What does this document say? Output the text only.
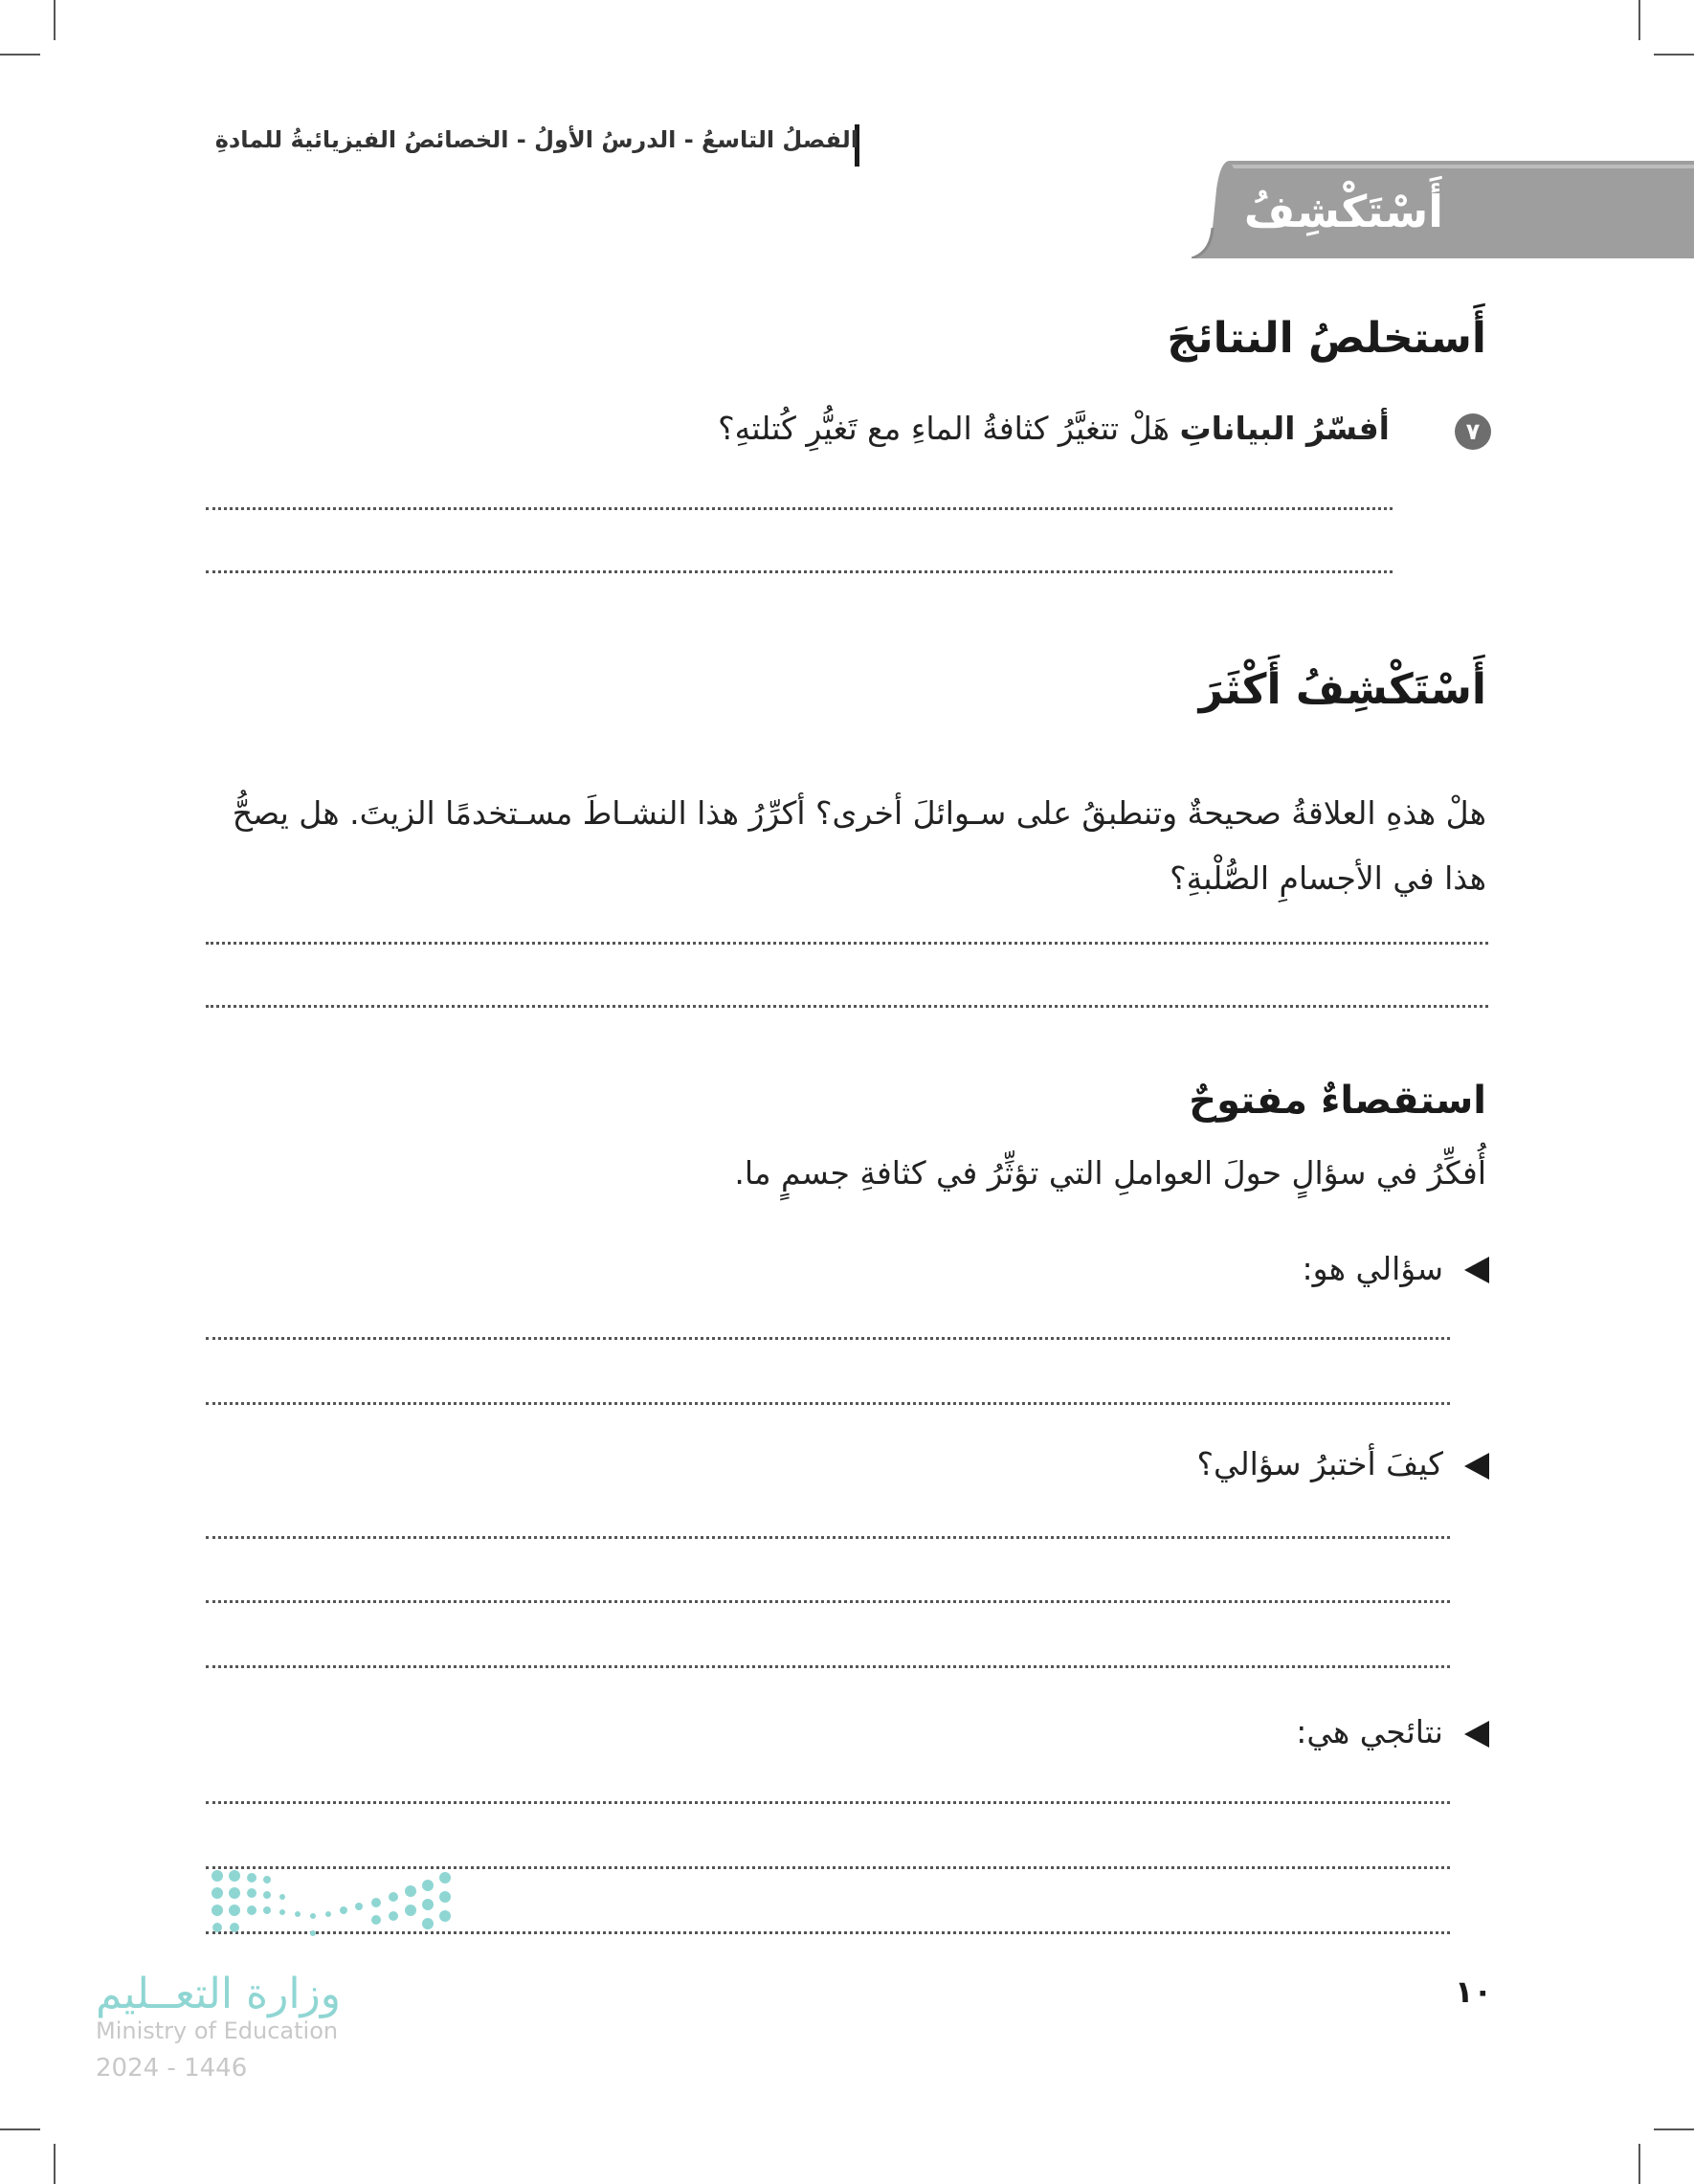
الفصلُ التاسعُ - الدرسُ الأولُ - الخصائصُ الفيزيائيةُ للمادةِ
أَسْتَكْشِفُ
أَستخلصُ النتائجَ
٧
أفسّرُ البياناتِ هَلْ تتغيَّرُ كثافةُ الماءِ مع تَغيُّرِ كُتلتهِ؟
أَسْتَكْشِفُ أَكْثَرَ
هلْ هذهِ العلاقةُ صحيحةٌ وتنطبقُ على سـوائلَ أخرى؟ أكرِّرُ هذا النشـاطَ مسـتخدمًا الزيتَ. هل يصحُّ هذا في الأجسامِ الصُّلْبةِ؟
استقصاءٌ مفتوحٌ
أُفكِّرُ في سؤالٍ حولَ العواملِ التي تؤثِّرُ في كثافةِ جسمٍ ما.
سؤالي هو:
كيفَ أختبرُ سؤالي؟
نتائجي هي:
١٠
وزارة التعــليم
Ministry of Education
2024 - 1446
